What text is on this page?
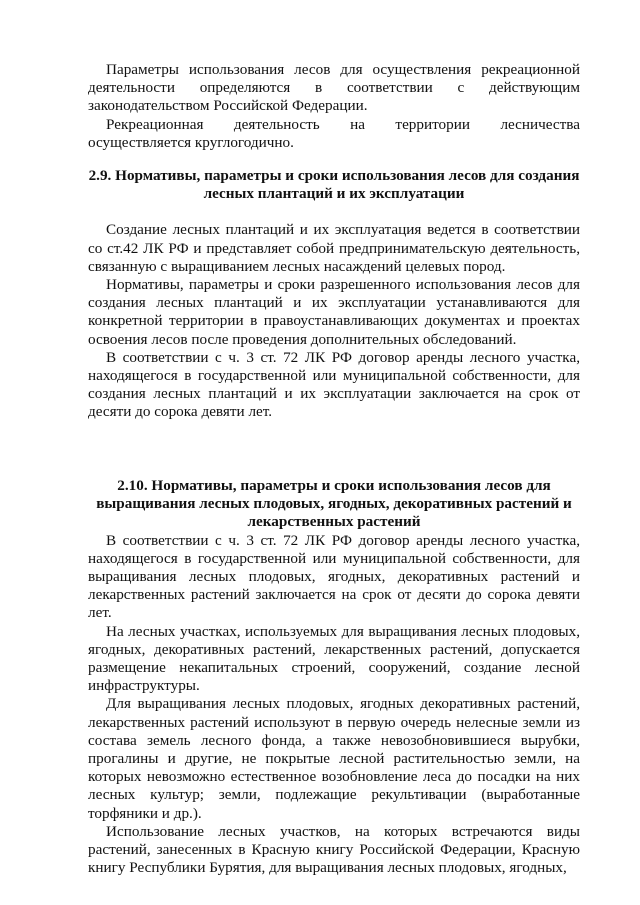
Параметры использования лесов для осуществления рекреационной деятельности определяются в соответствии с действующим законодательством Российской Федерации.

Рекреационная деятельность на территории лесничества осуществляется круглогодично.

2.9. Нормативы, параметры и сроки использования лесов для создания лесных плантаций и их эксплуатации

Создание лесных плантаций и их эксплуатация ведется в соответствии со ст.42 ЛК РФ и представляет собой предпринимательскую деятельность, связанную с выращиванием лесных насаждений целевых пород.

Нормативы, параметры и сроки разрешенного использования лесов для создания лесных плантаций и их эксплуатации устанавливаются для конкретной территории в правоустанавливающих документах и проектах освоения лесов после проведения дополнительных обследований.

В соответствии с ч. 3 ст. 72 ЛК РФ договор аренды лесного участка, находящегося в государственной или муниципальной собственности, для создания лесных плантаций и их эксплуатации заключается на срок от десяти до сорока девяти лет.

2.10. Нормативы, параметры и сроки использования лесов для выращивания лесных плодовых, ягодных, декоративных растений и лекарственных растений

В соответствии с ч. 3 ст. 72 ЛК РФ договор аренды лесного участка, находящегося в государственной или муниципальной собственности, для выращивания лесных плодовых, ягодных, декоративных растений и лекарственных растений заключается на срок от десяти до сорока девяти лет.

На лесных участках, используемых для выращивания лесных плодовых, ягодных, декоративных растений, лекарственных растений, допускается размещение некапитальных строений, сооружений, создание лесной инфраструктуры.

Для выращивания лесных плодовых, ягодных декоративных растений, лекарственных растений используют в первую очередь нелесные земли из состава земель лесного фонда, а также невозобновившиеся вырубки, прогалины и другие, не покрытые лесной растительностью земли, на которых невозможно естественное возобновление леса до посадки на них лесных культур; земли, подлежащие рекультивации (выработанные торфяники и др.).

Использование лесных участков, на которых встречаются виды растений, занесенных в Красную книгу Российской Федерации, Красную книгу Республики Бурятия, для выращивания лесных плодовых, ягодных,
